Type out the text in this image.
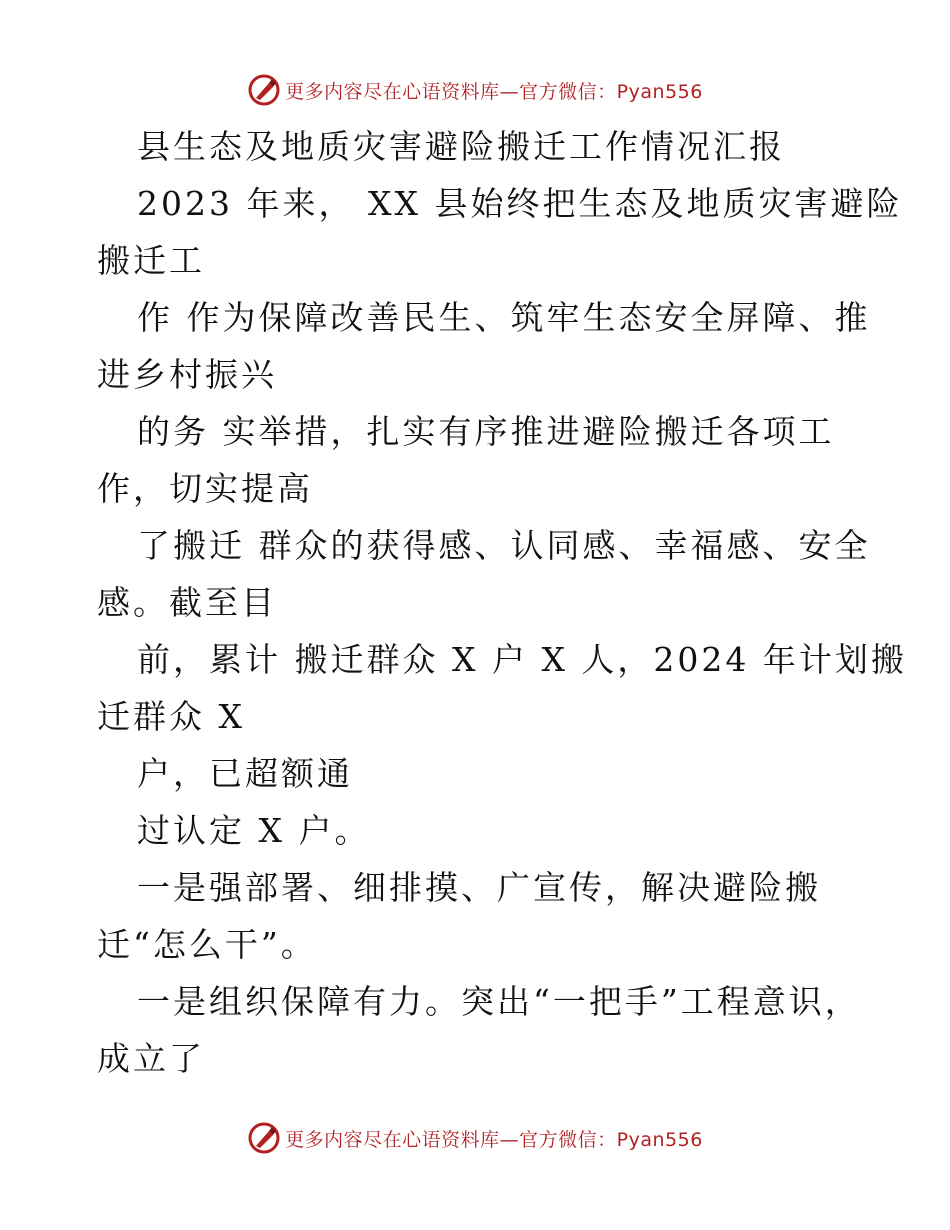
更多内容尽在心语资料库—官方微信：Pyan556
县生态及地质灾害避险搬迁工作情况汇报
2023 年来， XX 县始终把生态及地质灾害避险
搬迁工
作 作为保障改善民生、筑牢生态安全屏障、推
进乡村振兴
的务 实举措，扎实有序推进避险搬迁各项工
作，切实提高
了搬迁 群众的获得感、认同感、幸福感、安全
感。截至目
前，累计 搬迁群众 X 户 X 人，2024 年计划搬
迁群众 X
户，已超额通
过认定 X 户。
一是强部署、细排摸、广宣传，解决避险搬
迁“怎么干”。
一是组织保障有力。突出“一把手”工程意识，
成立了
更多内容尽在心语资料库—官方微信：Pyan556
